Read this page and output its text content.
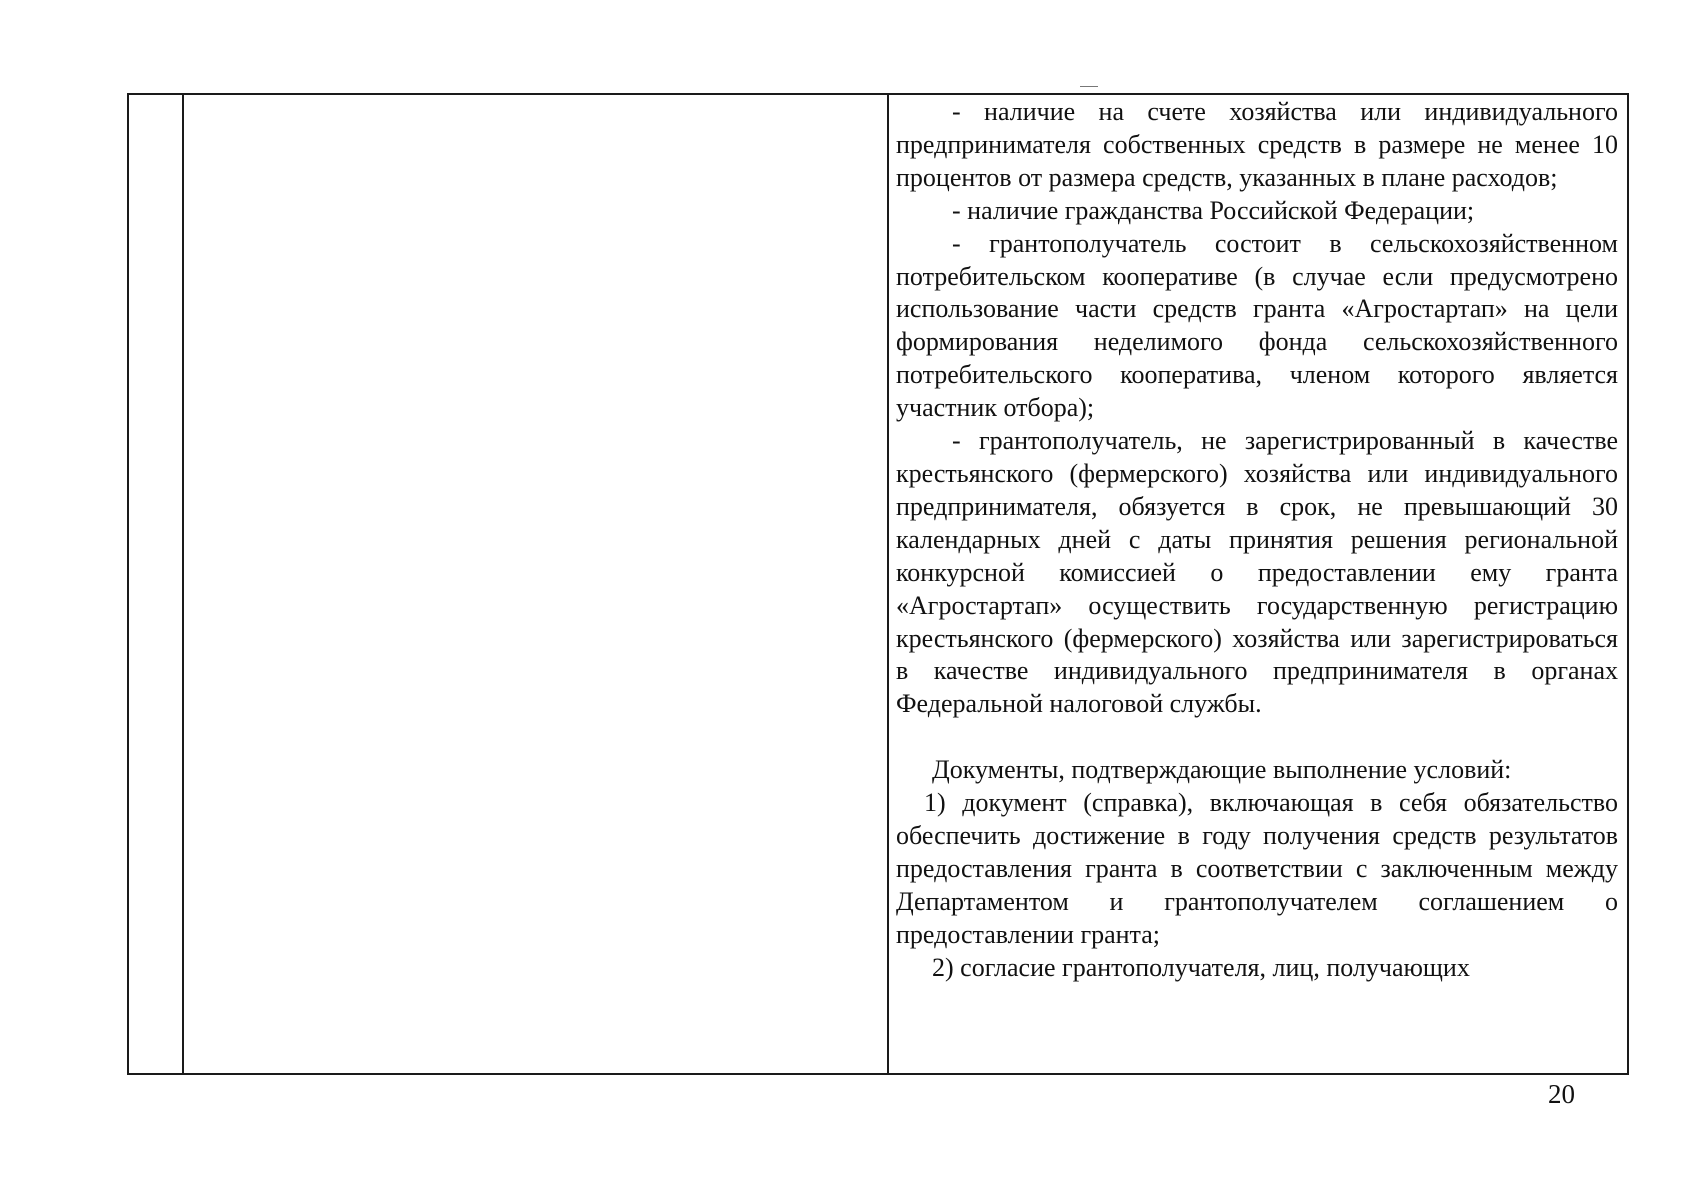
- наличие на счете хозяйства или индивидуального предпринимателя собственных средств в размере не менее 10 процентов от размера средств, указанных в плане расходов;

- наличие гражданства Российской Федерации;

- грантополучатель состоит в сельскохозяйственном потребительском кооперативе (в случае если предусмотрено использование части средств гранта «Агростартап» на цели формирования неделимого фонда сельскохозяйственного потребительского кооператива, членом которого является участник отбора);

- грантополучатель, не зарегистрированный в качестве крестьянского (фермерского) хозяйства или индивидуального предпринимателя, обязуется в срок, не превышающий 30 календарных дней с даты принятия решения региональной конкурсной комиссией о предоставлении ему гранта «Агростартап» осуществить государственную регистрацию крестьянского (фермерского) хозяйства или зарегистрироваться в качестве индивидуального предпринимателя в органах Федеральной налоговой службы.

Документы, подтверждающие выполнение условий:

1) документ (справка), включающая в себя обязательство обеспечить достижение в году получения средств результатов предоставления гранта в соответствии с заключенным между Департаментом и грантополучателем соглашением о предоставлении гранта;

2) согласие грантополучателя, лиц, получающих

20
